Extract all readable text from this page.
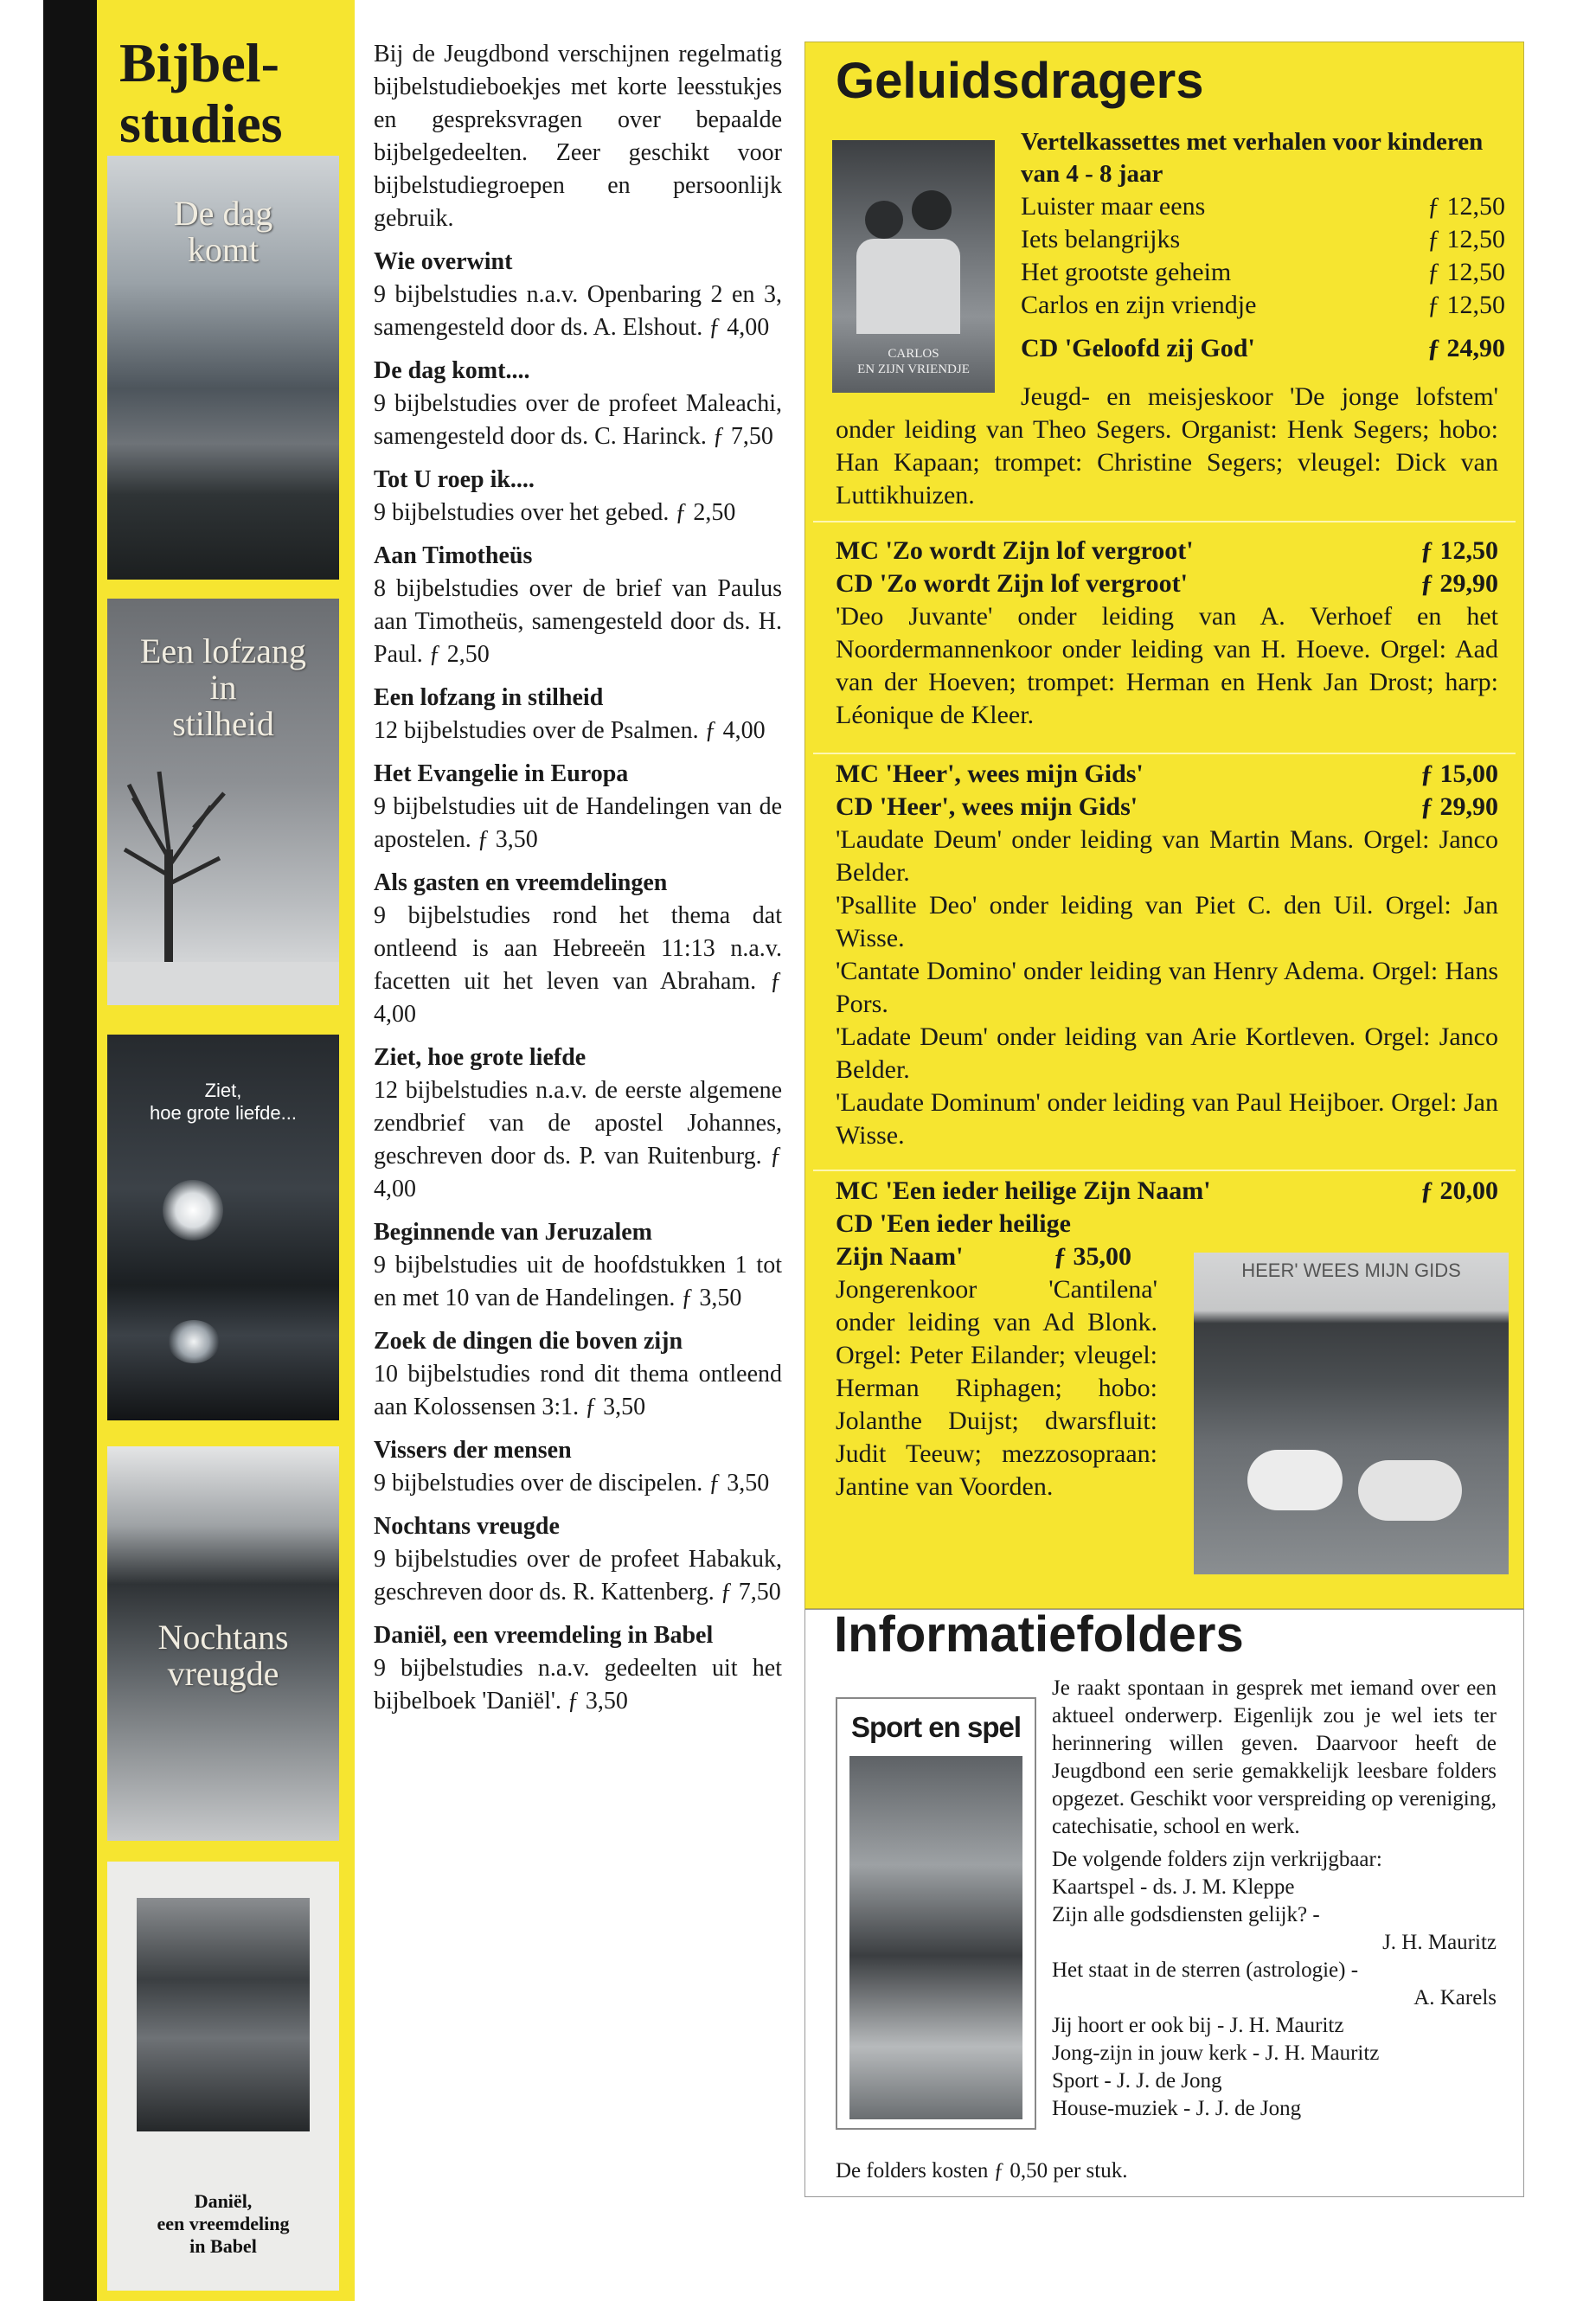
Bijbel-
studies
De dag
komt
Een lofzang
in
stilheid
Ziet,
hoe grote liefde...
Nochtans
vreugde
Daniël,
een vreemdeling
in Babel

Bij de Jeugdbond verschijnen regelmatig bijbelstudieboekjes met korte leesstukjes en gespreksvragen over bepaalde bijbelgedeelten. Zeer geschikt voor bijbelstudiegroepen en persoonlijk gebruik.

Wie overwint

9 bijbelstudies n.a.v. Openbaring 2 en 3, samengesteld door ds. A. Elshout. ƒ 4,00

De dag komt....

9 bijbelstudies over de profeet Maleachi, samengesteld door ds. C. Harinck. ƒ 7,50

Tot U roep ik....

9 bijbelstudies over het gebed. ƒ 2,50

Aan Timotheüs

8 bijbelstudies over de brief van Paulus aan Timotheüs, samengesteld door ds. H. Paul. ƒ 2,50

Een lofzang in stilheid

12 bijbelstudies over de Psalmen. ƒ 4,00

Het Evangelie in Europa

9 bijbelstudies uit de Handelingen van de apostelen. ƒ 3,50

Als gasten en vreemdelingen

9 bijbelstudies rond het thema dat ontleend is aan Hebreeën 11:13 n.a.v. facetten uit het leven van Abraham. ƒ 4,00

Ziet, hoe grote liefde

12 bijbelstudies n.a.v. de eerste algemene zendbrief van de apostel Johannes, geschreven door ds. P. van Ruitenburg. ƒ 4,00

Beginnende van Jeruzalem

9 bijbelstudies uit de hoofdstukken 1 tot en met 10 van de Handelingen. ƒ 3,50

Zoek de dingen die boven zijn

10 bijbelstudies rond dit thema ontleend aan Kolossensen 3:1. ƒ 3,50

Vissers der mensen

9 bijbelstudies over de discipelen. ƒ 3,50

Nochtans vreugde

9 bijbelstudies over de profeet Habakuk, geschreven door ds. R. Kattenberg. ƒ 7,50

Daniël, een vreemdeling in Babel

9 bijbelstudies n.a.v. gedeelten uit het bijbelboek 'Daniël'. ƒ 3,50

Geluidsdragers
CARLOS
EN ZIJN VRIENDJE
Vertelkassettes met verhalen voor kinderen van 4 - 8 jaar
Luister maar eens	ƒ 12,50
Iets belangrijks	ƒ 12,50
Het grootste geheim	ƒ 12,50
Carlos en zijn vriendje	ƒ 12,50
CD 'Geloofd zij God'	ƒ 24,90

Jeugd- en meisjeskoor 'De jonge lofstem' onder leiding van Theo Segers. Organist: Henk Segers; hobo: Han Kapaan; trompet: Christine Segers; vleugel: Dick van Luttikhuizen.

MC 'Zo wordt Zijn lof vergroot'	ƒ 12,50
CD 'Zo wordt Zijn lof vergroot'	ƒ 29,90

'Deo Juvante' onder leiding van A. Verhoef en het Noordermannenkoor onder leiding van H. Hoeve. Orgel: Aad van der Hoeven; trompet: Herman en Henk Jan Drost; harp: Léonique de Kleer.

MC 'Heer', wees mijn Gids'	ƒ 15,00
CD 'Heer', wees mijn Gids'	ƒ 29,90

'Laudate Deum' onder leiding van Martin Mans. Orgel: Janco Belder.

'Psallite Deo' onder leiding van Piet C. den Uil. Orgel: Jan Wisse.

'Cantate Domino' onder leiding van Henry Adema. Orgel: Hans Pors.

'Ladate Deum' onder leiding van Arie Kortleven. Orgel: Janco Belder.

'Laudate Dominum' onder leiding van Paul Heijboer. Orgel: Jan Wisse.

MC 'Een ieder heilige Zijn Naam'	ƒ 20,00
CD 'Een ieder heilige
Zijn Naam'	ƒ 35,00

Jongerenkoor 'Cantilena' onder leiding van Ad Blonk. Orgel: Peter Eilander; vleugel: Herman Riphagen; hobo: Jolanthe Duijst; dwarsfluit: Judit Teeuw; mezzosopraan: Jantine van Voorden.

HEER' WEES MIJN GIDS
Informatiefolders
Sport en spel

Je raakt spontaan in gesprek met iemand over een aktueel onderwerp. Eigenlijk zou je wel iets ter herinnering willen geven. Daarvoor heeft de Jeugdbond een serie gemakkelijk leesbare folders opgezet. Geschikt voor verspreiding op vereniging, catechisatie, school en werk.

De volgende folders zijn verkrijgbaar:

Kaartspel - ds. J. M. Kleppe
Zijn alle godsdiensten gelijk? -
J. H. Mauritz
Het staat in de sterren (astrologie) -
A. Karels
Jij hoort er ook bij - J. H. Mauritz
Jong-zijn in jouw kerk - J. H. Mauritz
Sport - J. J. de Jong
House-muziek - J. J. de Jong
De folders kosten ƒ 0,50 per stuk.
